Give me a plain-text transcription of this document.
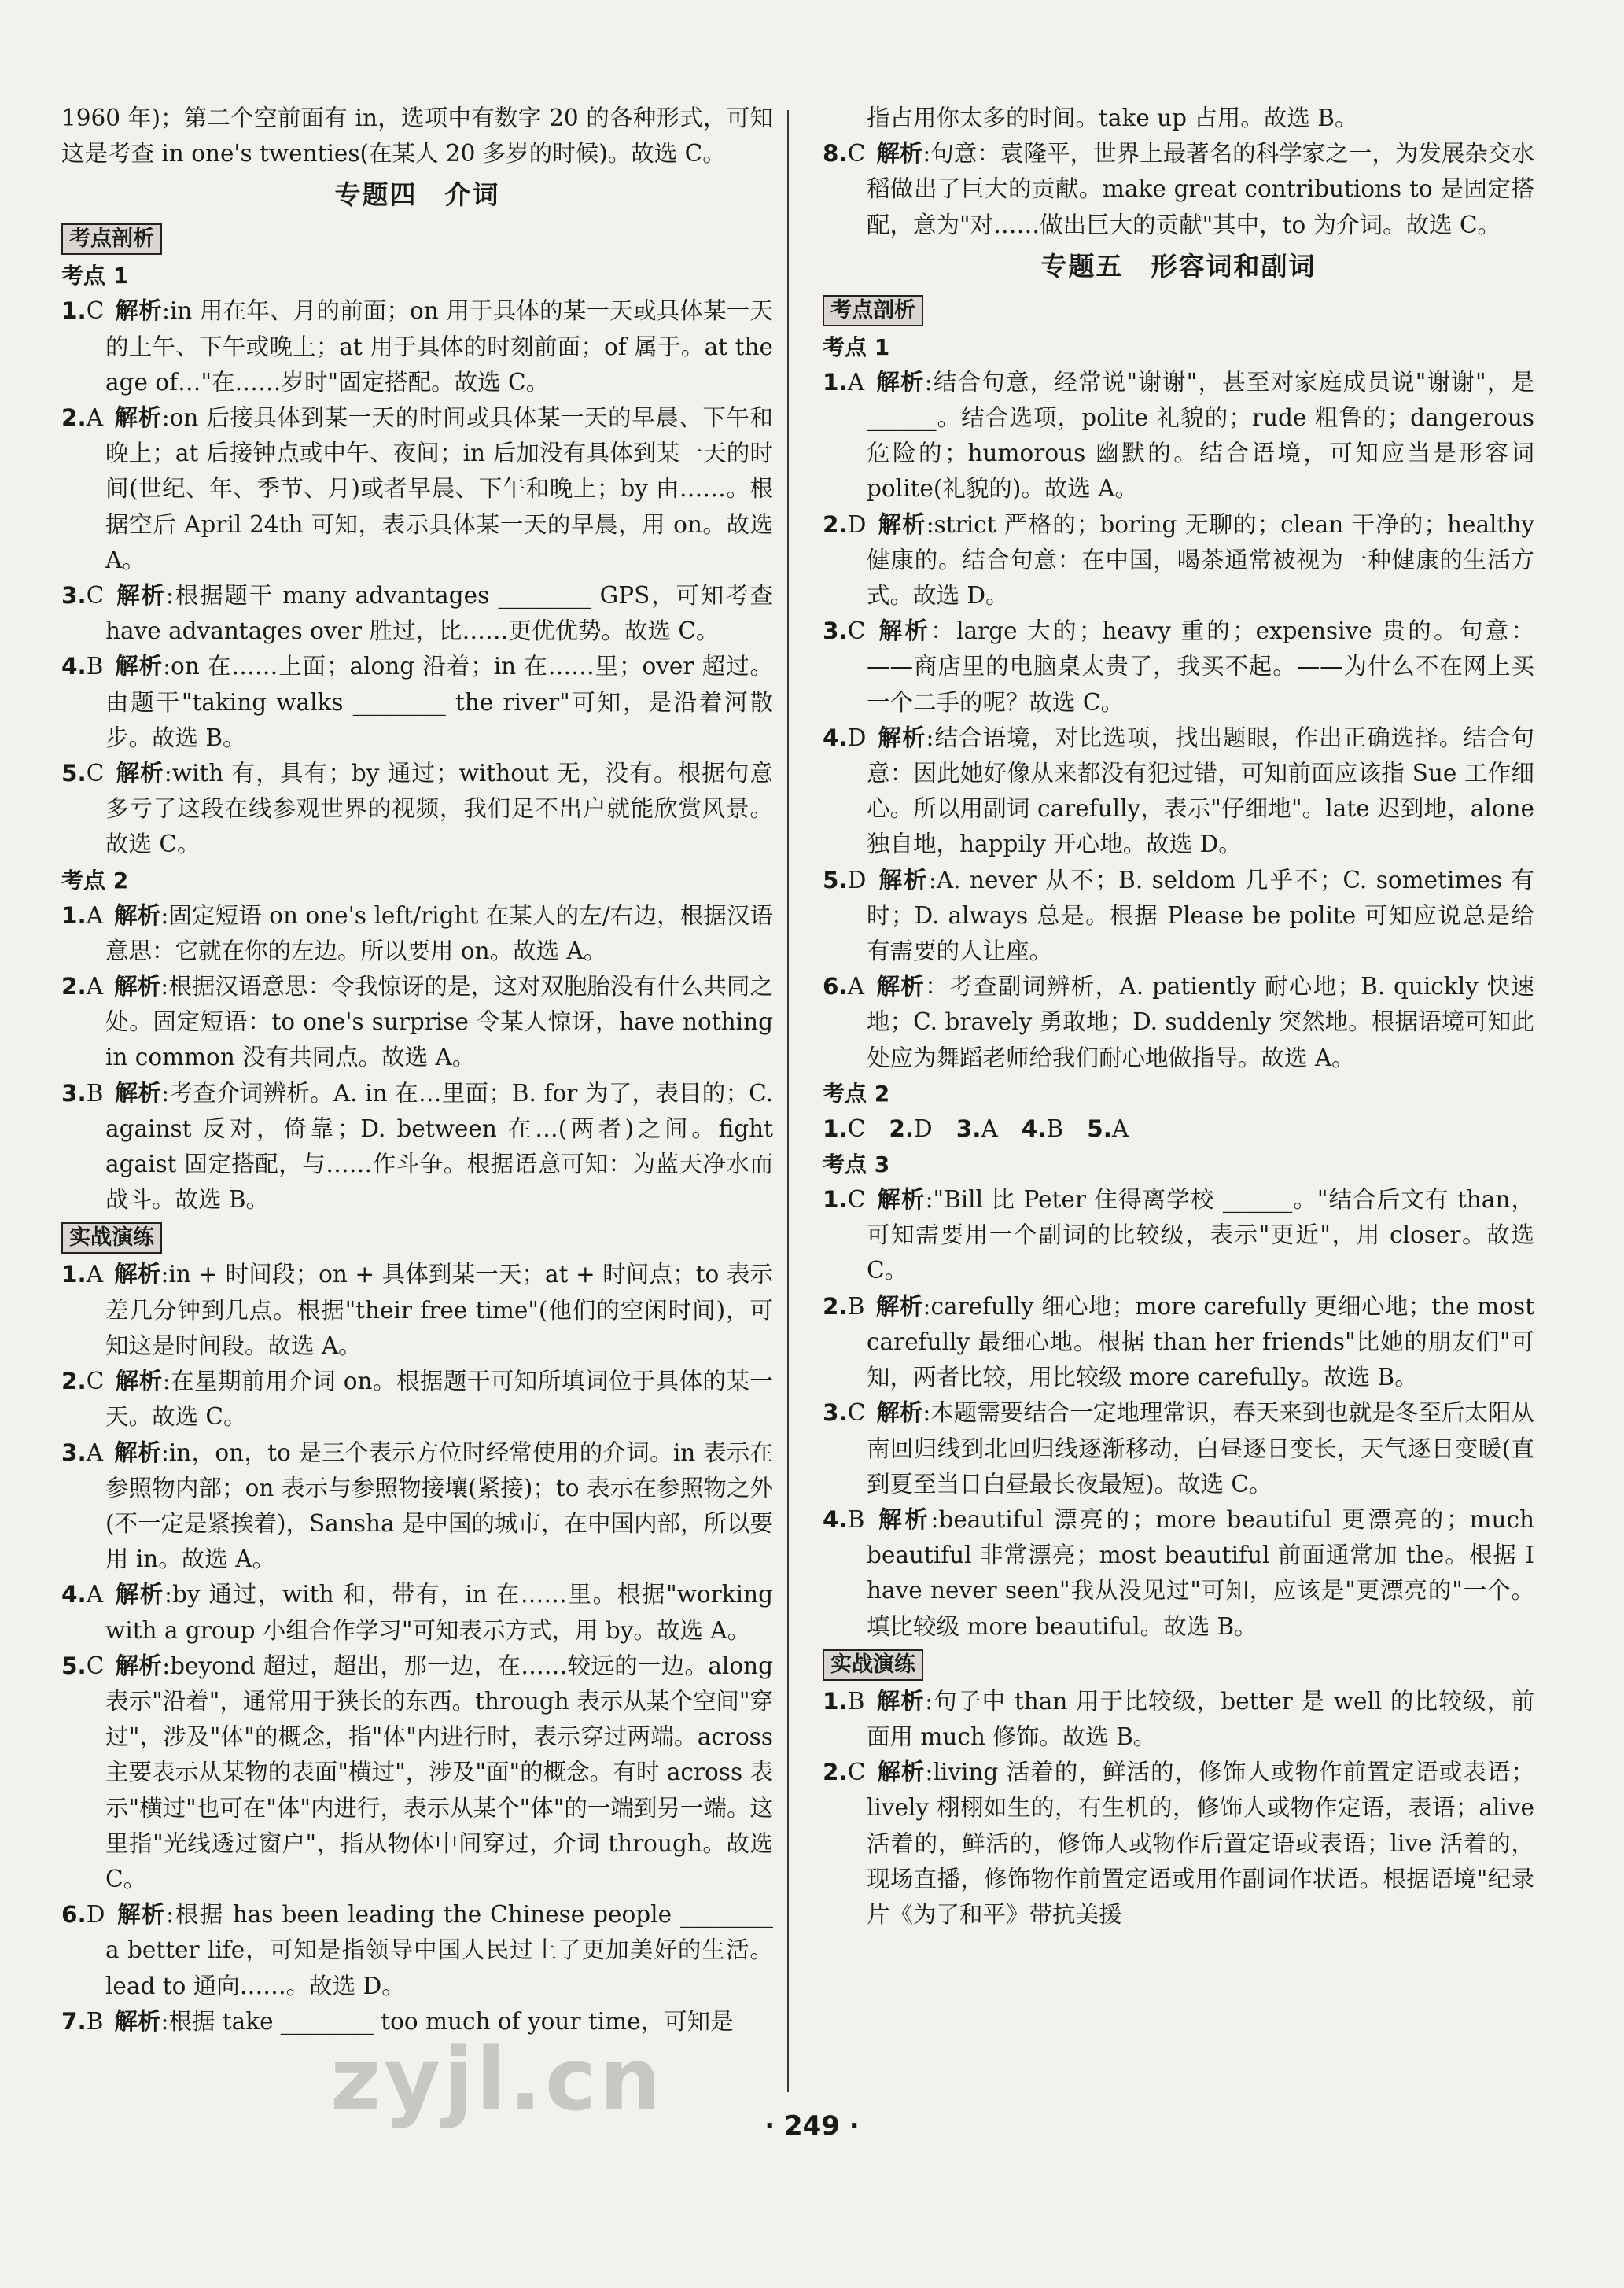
1960 年)；第二个空前面有 in，选项中有数字 20 的各种形式，可知这是考查 in one's twenties(在某人 20 多岁的时候)。故选 C。

专题四　介词
考点剖析
考点 1

1.C 解析:in 用在年、月的前面；on 用于具体的某一天或具体某一天的上午、下午或晚上；at 用于具体的时刻前面；of 属于。at the age of…"在……岁时"固定搭配。故选 C。

2.A 解析:on 后接具体到某一天的时间或具体某一天的早晨、下午和晚上；at 后接钟点或中午、夜间；in 后加没有具体到某一天的时间(世纪、年、季节、月)或者早晨、下午和晚上；by 由……。根据空后 April 24th 可知，表示具体某一天的早晨，用 on。故选 A。

3.C 解析:根据题干 many advantages ________ GPS，可知考查 have advantages over 胜过，比……更优优势。故选 C。

4.B 解析:on 在……上面；along 沿着；in 在……里；over 超过。由题干"taking walks ________ the river"可知，是沿着河散步。故选 B。

5.C 解析:with 有，具有；by 通过；without 无，没有。根据句意多亏了这段在线参观世界的视频，我们足不出户就能欣赏风景。故选 C。

考点 2

1.A 解析:固定短语 on one's left/right 在某人的左/右边，根据汉语意思：它就在你的左边。所以要用 on。故选 A。

2.A 解析:根据汉语意思：令我惊讶的是，这对双胞胎没有什么共同之处。固定短语：to one's surprise 令某人惊讶，have nothing in common 没有共同点。故选 A。

3.B 解析:考查介词辨析。A. in 在…里面；B. for 为了，表目的；C. against 反对，倚靠；D. between 在…(两者)之间。fight agaist 固定搭配，与……作斗争。根据语意可知：为蓝天净水而战斗。故选 B。

实战演练

1.A 解析:in + 时间段；on + 具体到某一天；at + 时间点；to 表示差几分钟到几点。根据"their free time"(他们的空闲时间)，可知这是时间段。故选 A。

2.C 解析:在星期前用介词 on。根据题干可知所填词位于具体的某一天。故选 C。

3.A 解析:in，on，to 是三个表示方位时经常使用的介词。in 表示在参照物内部；on 表示与参照物接壤(紧接)；to 表示在参照物之外(不一定是紧挨着)，Sansha 是中国的城市，在中国内部，所以要用 in。故选 A。

4.A 解析:by 通过，with 和，带有，in 在……里。根据"working with a group 小组合作学习"可知表示方式，用 by。故选 A。

5.C 解析:beyond 超过，超出，那一边，在……较远的一边。along 表示"沿着"，通常用于狭长的东西。through 表示从某个空间"穿过"，涉及"体"的概念，指"体"内进行时，表示穿过两端。across 主要表示从某物的表面"横过"，涉及"面"的概念。有时 across 表示"横过"也可在"体"内进行，表示从某个"体"的一端到另一端。这里指"光线透过窗户"，指从物体中间穿过，介词 through。故选 C。

6.D 解析:根据 has been leading the Chinese people ________ a better life，可知是指领导中国人民过上了更加美好的生活。lead to 通向……。故选 D。

7.B 解析:根据 take ________ too much of your time，可知是

指占用你太多的时间。take up 占用。故选 B。

8.C 解析:句意：袁隆平，世界上最著名的科学家之一，为发展杂交水稻做出了巨大的贡献。make great contributions to 是固定搭配，意为"对……做出巨大的贡献"其中，to 为介词。故选 C。

专题五　形容词和副词
考点剖析
考点 1

1.A 解析:结合句意，经常说"谢谢"，甚至对家庭成员说"谢谢"，是 ______。结合选项，polite 礼貌的；rude 粗鲁的；dangerous 危险的；humorous 幽默的。结合语境，可知应当是形容词 polite(礼貌的)。故选 A。

2.D 解析:strict 严格的；boring 无聊的；clean 干净的；healthy 健康的。结合句意：在中国，喝茶通常被视为一种健康的生活方式。故选 D。

3.C 解析：large 大的；heavy 重的；expensive 贵的。句意：——商店里的电脑桌太贵了，我买不起。——为什么不在网上买一个二手的呢？故选 C。

4.D 解析:结合语境，对比选项，找出题眼，作出正确选择。结合句意：因此她好像从来都没有犯过错，可知前面应该指 Sue 工作细心。所以用副词 carefully，表示"仔细地"。late 迟到地，alone 独自地，happily 开心地。故选 D。

5.D 解析:A. never 从不；B. seldom 几乎不；C. sometimes 有时；D. always 总是。根据 Please be polite 可知应说总是给有需要的人让座。

6.A 解析：考查副词辨析，A. patiently 耐心地；B. quickly 快速地；C. bravely 勇敢地；D. suddenly 突然地。根据语境可知此处应为舞蹈老师给我们耐心地做指导。故选 A。

考点 2

1.C 2.D 3.A 4.B 5.A

考点 3

1.C 解析:"Bill 比 Peter 住得离学校 ______。"结合后文有 than，可知需要用一个副词的比较级，表示"更近"，用 closer。故选 C。

2.B 解析:carefully 细心地；more carefully 更细心地；the most carefully 最细心地。根据 than her friends"比她的朋友们"可知，两者比较，用比较级 more carefully。故选 B。

3.C 解析:本题需要结合一定地理常识，春天来到也就是冬至后太阳从南回归线到北回归线逐渐移动，白昼逐日变长，天气逐日变暖(直到夏至当日白昼最长夜最短)。故选 C。

4.B 解析:beautiful 漂亮的；more beautiful 更漂亮的；much beautiful 非常漂亮；most beautiful 前面通常加 the。根据 I have never seen"我从没见过"可知，应该是"更漂亮的"一个。填比较级 more beautiful。故选 B。

实战演练

1.B 解析:句子中 than 用于比较级，better 是 well 的比较级，前面用 much 修饰。故选 B。

2.C 解析:living 活着的，鲜活的，修饰人或物作前置定语或表语；lively 栩栩如生的，有生机的，修饰人或物作定语，表语；alive 活着的，鲜活的，修饰人或物作后置定语或表语；live 活着的，现场直播，修饰物作前置定语或用作副词作状语。根据语境"纪录片《为了和平》带抗美援

· 249 ·
zyjl.cn
